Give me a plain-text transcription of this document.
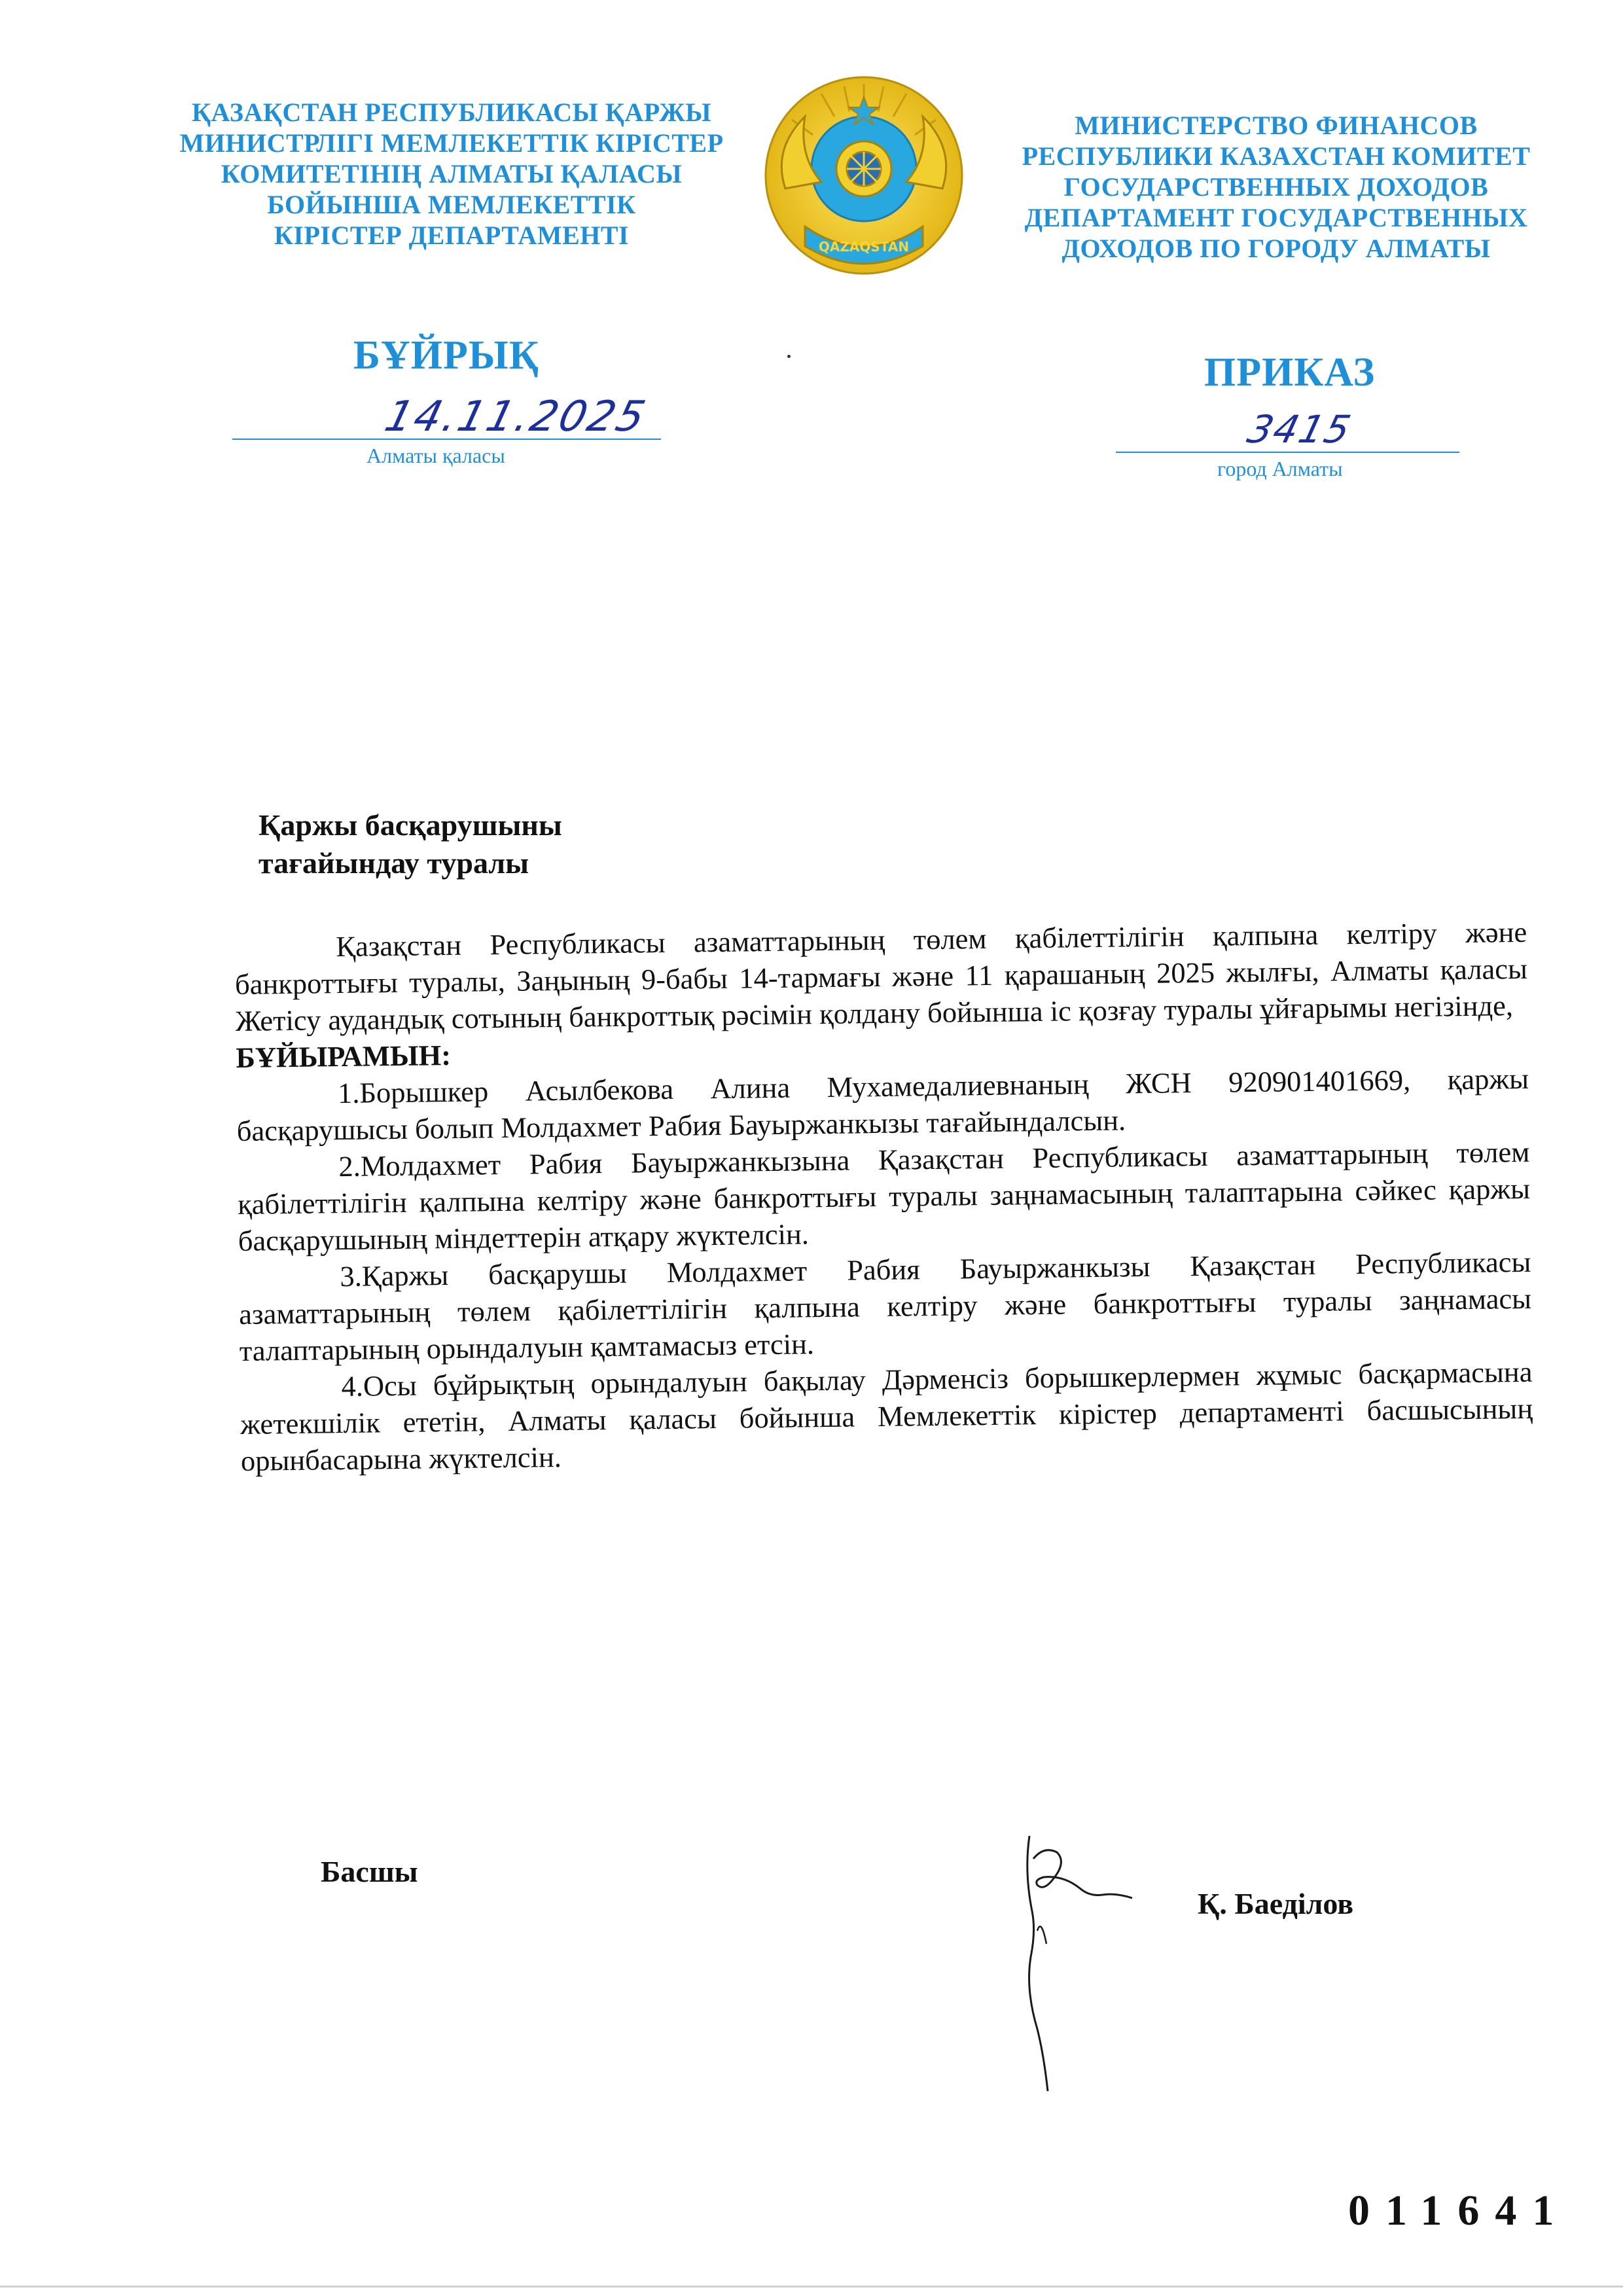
ҚАЗАҚСТАН РЕСПУБЛИКАСЫ ҚАРЖЫ
МИНИСТРЛІГІ МЕМЛЕКЕТТІК КІРІСТЕР
КОМИТЕТІНІҢ АЛМАТЫ ҚАЛАСЫ
БОЙЫНША МЕМЛЕКЕТТІК
КІРІСТЕР ДЕПАРТАМЕНТІ	QAZAQSTAN
МИНИСТЕРСТВО ФИНАНСОВ
РЕСПУБЛИКИ КАЗАХСТАН КОМИТЕТ
ГОСУДАРСТВЕННЫХ ДОХОДОВ
ДЕПАРТАМЕНТ ГОСУДАРСТВЕННЫХ
ДОХОДОВ ПО ГОРОДУ АЛМАТЫ
БҰЙРЫҚ	ПРИКАЗ
14.11.2025
Алматы қаласы
3415
город Алматы
Қаржы басқарушыны
тағайындау туралы

Қазақстан Республикасы азаматтарының төлем қабілеттілігін қалпына келтіру және банкроттығы туралы, Заңының 9-бабы 14-тармағы және 11 қарашаның 2025 жылғы, Алматы қаласы Жетісу аудандық сотының банкроттық рәсімін қолдану бойынша іс қозғау туралы ұйғарымы негізінде,

БҰЙЫРАМЫН:

1.Борышкер Асылбекова Алина Мухамедалиевнаның ЖСН 920901401669, қаржы басқарушысы болып Молдахмет Рабия Бауыржанкызы тағайындалсын.

2.Молдахмет Рабия Бауыржанкызына Қазақстан Республикасы азаматтарының төлем қабілеттілігін қалпына келтіру және банкроттығы туралы заңнамасының талаптарына сәйкес қаржы басқарушының міндеттерін атқару жүктелсін.

3.Қаржы басқарушы Молдахмет Рабия Бауыржанкызы Қазақстан Республикасы азаматтарының төлем қабілеттілігін қалпына келтіру және банкроттығы туралы заңнамасы талаптарының орындалуын қамтамасыз етсін.

4.Осы бұйрықтың орындалуын бақылау Дәрменсіз борышкерлермен жұмыс басқармасына жетекшілік ететін, Алматы қаласы бойынша Мемлекеттік кірістер департаменті басшысының орынбасарына жүктелсін.

Басшы
Қ. Баеділов
011641
